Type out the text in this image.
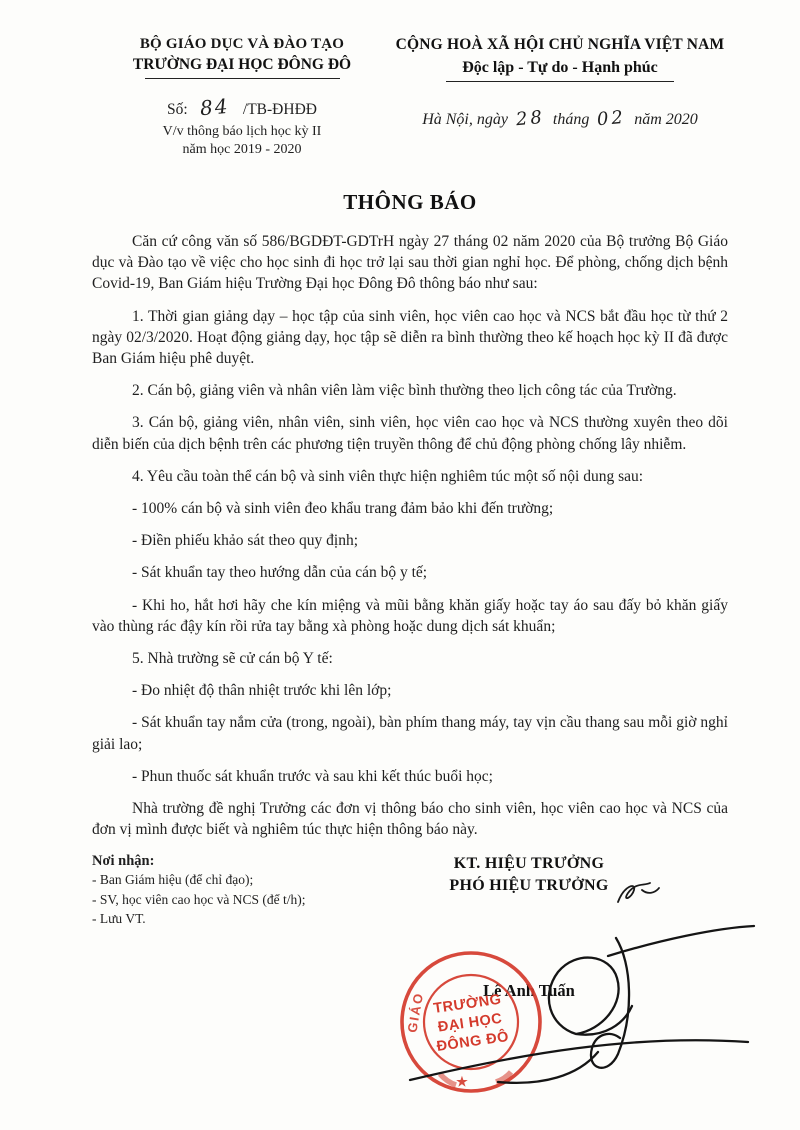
BỘ GIÁO DỤC VÀ ĐÀO TẠO
TRƯỜNG ĐẠI HỌC ĐÔNG ĐÔ
Số: 84 /TB-ĐHĐĐ
V/v thông báo lịch học kỳ II
năm học 2019 - 2020
CỘNG HOÀ XÃ HỘI CHỦ NGHĨA VIỆT NAM
Độc lập - Tự do - Hạnh phúc
Hà Nội, ngày 28 tháng 02 năm 2020
THÔNG BÁO

Căn cứ công văn số 586/BGDĐT-GDTrH ngày 27 tháng 02 năm 2020 của Bộ trưởng Bộ Giáo dục và Đào tạo về việc cho học sinh đi học trở lại sau thời gian nghỉ học. Để phòng, chống dịch bệnh Covid-19, Ban Giám hiệu Trường Đại học Đông Đô thông báo như sau:

1. Thời gian giảng dạy – học tập của sinh viên, học viên cao học và NCS bắt đầu học từ thứ 2 ngày 02/3/2020. Hoạt động giảng dạy, học tập sẽ diễn ra bình thường theo kế hoạch học kỳ II đã được Ban Giám hiệu phê duyệt.

2. Cán bộ, giảng viên và nhân viên làm việc bình thường theo lịch công tác của Trường.

3. Cán bộ, giảng viên, nhân viên, sinh viên, học viên cao học và NCS thường xuyên theo dõi diễn biến của dịch bệnh trên các phương tiện truyền thông để chủ động phòng chống lây nhiễm.

4. Yêu cầu toàn thể cán bộ và sinh viên thực hiện nghiêm túc một số nội dung sau:

- 100% cán bộ và sinh viên đeo khẩu trang đảm bảo khi đến trường;

- Điền phiếu khảo sát theo quy định;

- Sát khuẩn tay theo hướng dẫn của cán bộ y tế;

- Khi ho, hắt hơi hãy che kín miệng và mũi bằng khăn giấy hoặc tay áo sau đấy bỏ khăn giấy vào thùng rác đậy kín rồi rửa tay bằng xà phòng hoặc dung dịch sát khuẩn;

5. Nhà trường sẽ cử cán bộ Y tế:

- Đo nhiệt độ thân nhiệt trước khi lên lớp;

- Sát khuẩn tay nắm cửa (trong, ngoài), bàn phím thang máy, tay vịn cầu thang sau mỗi giờ nghỉ giải lao;

- Phun thuốc sát khuẩn trước và sau khi kết thúc buổi học;

Nhà trường đề nghị Trưởng các đơn vị thông báo cho sinh viên, học viên cao học và NCS của đơn vị mình được biết và nghiêm túc thực hiện thông báo này.

Nơi nhận:
- Ban Giám hiệu (để chỉ đạo);
- SV, học viên cao học và NCS (để t/h);
- Lưu VT.
KT. HIỆU TRƯỞNG
PHÓ HIỆU TRƯỞNG
Lê Anh Tuấn
GIÁO TRƯỜNG
ĐẠI HỌC
ĐÔNG ĐÔ
★
